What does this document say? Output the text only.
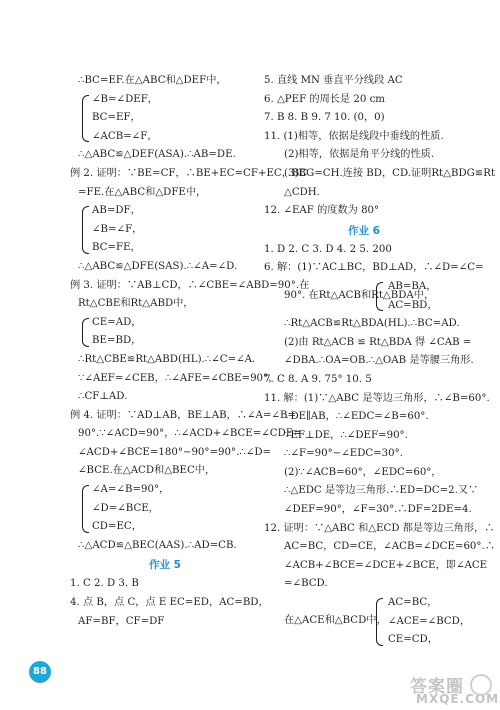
∴BC=EF.在△ABC和△DEF中，
∠B=∠DEF，
BC=EF，
∠ACB=∠F，
∴△ABC≌△DEF(ASA).∴AB=DE.
例 2. 证明：∵BE=CF，∴BE+EC=CF+EC，BC
=FE.在△ABC和△DFE中，
AB=DF，
∠B=∠F，
BC=FE，
∴△ABC≌△DFE(SAS).∴∠A=∠D.
例 3. 证明：∵AB⊥CD，∴∠CBE=∠ABD=90°.在
Rt△CBE和Rt△ABD中，
CE=AD，
BE=BD，
∴Rt△CBE≌Rt△ABD(HL).∴∠C=∠A.
∵∠AEF=∠CEB，∴∠AFE=∠CBE=90°，
∴CF⊥AD.
例 4. 证明：∵AD⊥AB，BE⊥AB，∴∠A=∠B=
90°.∵∠ACD=90°，∴∠ACD+∠BCE=∠CDE=
∠ACD+∠BCE=180°−90°=90°.∴∠D=
∠BCE.在△ACD和△BEC中，
∠A=∠B=90°，
∠D=∠BCE，
CD=EC，
∴△ACD≌△BEC(AAS).∴AD=CB.
作业 5
1. C 2. D 3. B
4. 点 B，点 C，点 E EC=ED，AC=BD，
AF=BF，CF=DF
5. 直线 MN 垂直平分线段 AC
6. △PEF 的周长是 20 cm
7. B 8. B 9. 7 10. (0，0)
11. (1)相等，依据是线段中垂线的性质.
(2)相等，依据是角平分线的性质.
(3)BG=CH.连接 BD，CD.证明Rt△BDG≌Rt
△CDH.
12. ∠EAF 的度数为 80°
作业 6
1. D 2. C 3. D 4. 2 5. 200
6. 解：(1)∵AC⊥BC，BD⊥AD，∴∠D=∠C=
90°. 在Rt△ACB和Rt△BDA中，
AB=BA，
AC=BD，
∴Rt△ACB≌Rt△BDA(HL).∴BC=AD.
(2)由 Rt△ACB ≌ Rt△BDA 得 ∠CAB =
∠DBA.∴OA=OB.∴△OAB 是等腰三角形.
7. C 8. A 9. 75° 10. 5
11. 解：(1)∵△ABC 是等边三角形，∴∠B=60°.
∵DE∥AB，∴∠EDC=∠B=60°.
∵EF⊥DE，∴∠DEF=90°.
∴∠F=90°−∠EDC=30°.
(2)∵∠ACB=60°，∠EDC=60°，
∴△EDC 是等边三角形.∴ED=DC=2.又∵
∠DEF=90°，∠F=30°.∴DF=2DE=4.
12. 证明：∵△ABC 和△ECD 都是等边三角形，∴
AC=BC，CD=CE，∠ACB=∠DCE=60°.∴
∠ACB+∠BCE=∠DCE+∠BCE，即∠ACE
=∠BCD.
在△ACE和△BCD中，
AC=BC，
∠ACE=∠BCD，
CE=CD，
88
答案圈
MXQE.COM
